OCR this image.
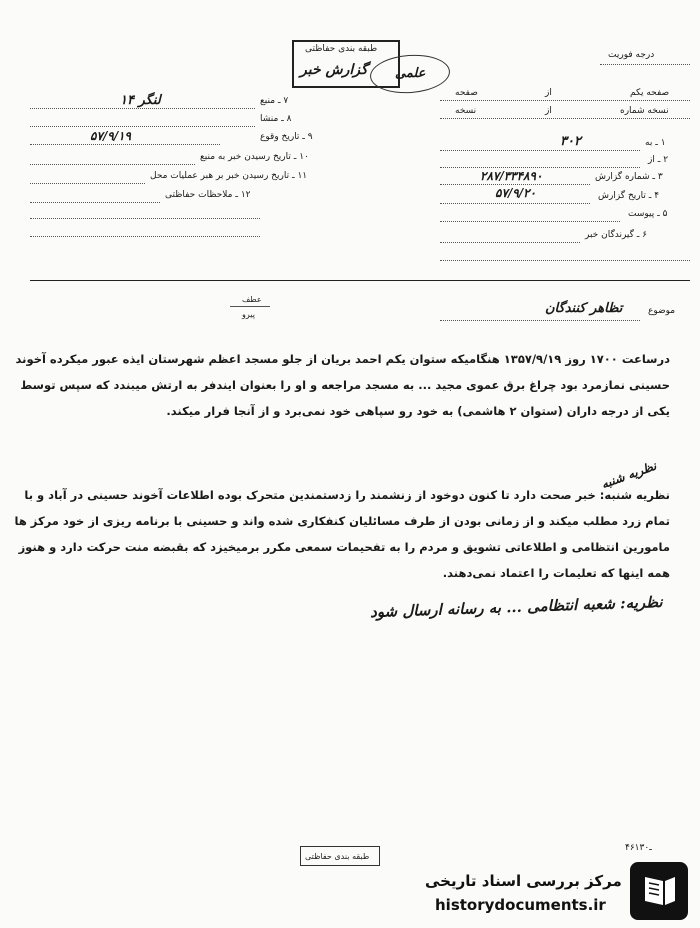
طبقه بندی حفاظتی
گزارش خبر علمی
درجه فوریت
۷ ـ منبع
لنگر ۱۴
۸ ـ منشا
۹ ـ تاریخ وقوع
۵۷/۹/۱۹
۱۰ ـ تاریخ رسیدن خبر به منبع
۱۱ ـ تاریخ رسیدن خبر بر هبر عملیات محل
۱۲ ـ ملاحظات حفاظتی
صفحه یکم
از
صفحه
نسخه شماره
از
نسخه
۱ ـ به
۳۰۲
۲ ـ از
۳ ـ شماره گزارش
۲۸۷/۳۳۴۸۹۰
۴ ـ تاریخ گزارش
۵۷/۹/۲۰
۵ ـ پیوست
۶ ـ گیرندگان خبر
عطف
پیرو	موضوع
تظاهر کنندگان
درساعت ۱۷۰۰ روز ۱۳۵۷/۹/۱۹ هنگامیکه ستوان یکم احمد بریان از جلو مسجد اعظم شهرستان ایذه عبور میکرده آخوند حسینی نمازمرد بود چراغ برق عموی مجید ... به مسجد مراجعه و او را بعنوان ایندفر به ارتش میبندد که سپس توسط یکی از درجه داران (ستوان ۲ هاشمی) به خود رو سپاهی خود نمی‌برد و از آنجا فرار میکند.
نظریه شنبه
نظریه شنبه: خبر صحت دارد تا کنون دوخود از زنشمند را زدستمندین متحرک بوده اطلاعات آخوند حسینی در آباد و با تمام زرد مطلب میکند و از زمانی بودن از طرف مسائلیان کنفکاری شده واند و حسینی با برنامه ریزی از خود مرکز ها مامورین انتظامی و اطلاعاتی تشویق و مردم را به تفحیمات سمعی مکرر برمیخیزد که بقبضه منت حرکت دارد و هنوز همه اینها که تعلیمات را اعتماد نمی‌دهند.
نظریه: شعبه انتظامی ... به رسانه ارسال شود
۴۶ـ۱۳۰
طبقه بندی حفاظتی
مرکز بررسی اسناد تاریخی
historydocuments.ir
